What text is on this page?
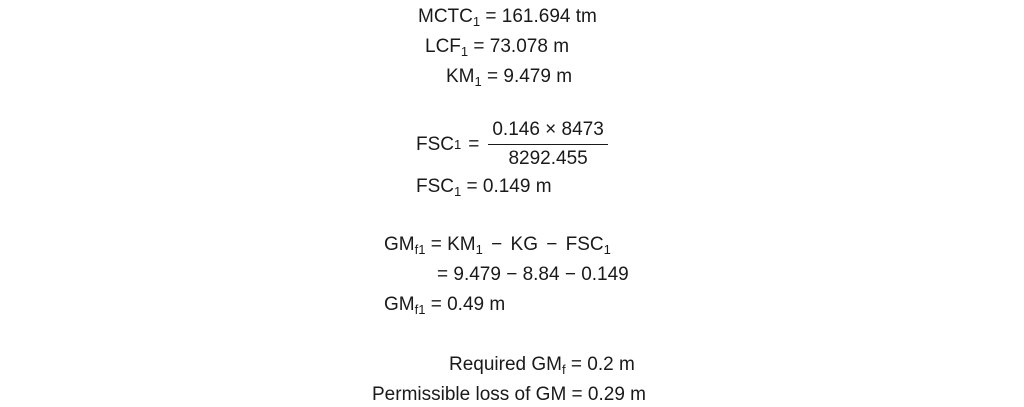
$MCTC_1 = 161.694$ tm
$LCF_1 = 73.078$ m
$KM_1 = 9.479$ m
FSC $1 = \frac{0.146 \times 8473}{8292.455}$
$FSC_1 = 0.149$ m
$GM_{f1} = KM_1$ − KG − $FSC_1$
= 9.479 − 8.84 − 0.149
$GM_{f1} = 0.49$ m
Required $GM_f = 0.2$ m
Permissible loss of GM = 0.29 m
